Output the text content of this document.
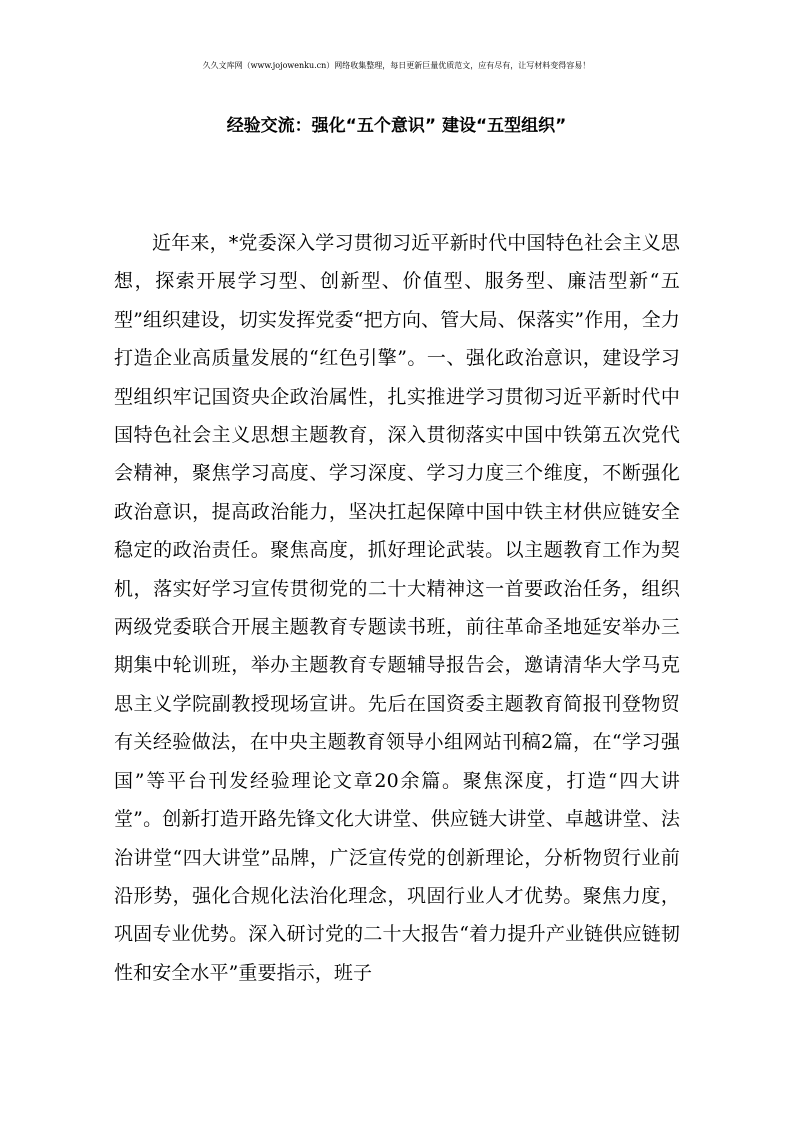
久久文库网（www.jojowenku.cn）网络收集整理，每日更新巨量优质范文，应有尽有，让写材料变得容易！
经验交流：强化“五个意识” 建设“五型组织”

近年来，*党委深入学习贯彻习近平新时代中国特色社会主义思想，探索开展学习型、创新型、价值型、服务型、廉洁型新“五型”组织建设，切实发挥党委“把方向、管大局、保落实”作用，全力打造企业高质量发展的“红色引擎”。一、强化政治意识，建设学习型组织牢记国资央企政治属性，扎实推进学习贯彻习近平新时代中国特色社会主义思想主题教育，深入贯彻落实中国中铁第五次党代会精神，聚焦学习高度、学习深度、学习力度三个维度，不断强化政治意识，提高政治能力，坚决扛起保障中国中铁主材供应链安全稳定的政治责任。聚焦高度，抓好理论武装。以主题教育工作为契机，落实好学习宣传贯彻党的二十大精神这一首要政治任务，组织两级党委联合开展主题教育专题读书班，前往革命圣地延安举办三期集中轮训班，举办主题教育专题辅导报告会，邀请清华大学马克思主义学院副教授现场宣讲。先后在国资委主题教育简报刊登物贸有关经验做法，在中央主题教育领导小组网站刊稿2篇，在“学习强国”等平台刊发经验理论文章20余篇。聚焦深度，打造“四大讲堂”。创新打造开路先锋文化大讲堂、供应链大讲堂、卓越讲堂、法治讲堂“四大讲堂”品牌，广泛宣传党的创新理论，分析物贸行业前沿形势，强化合规化法治化理念，巩固行业人才优势。聚焦力度，巩固专业优势。深入研讨党的二十大报告“着力提升产业链供应链韧性和安全水平”重要指示，班子
